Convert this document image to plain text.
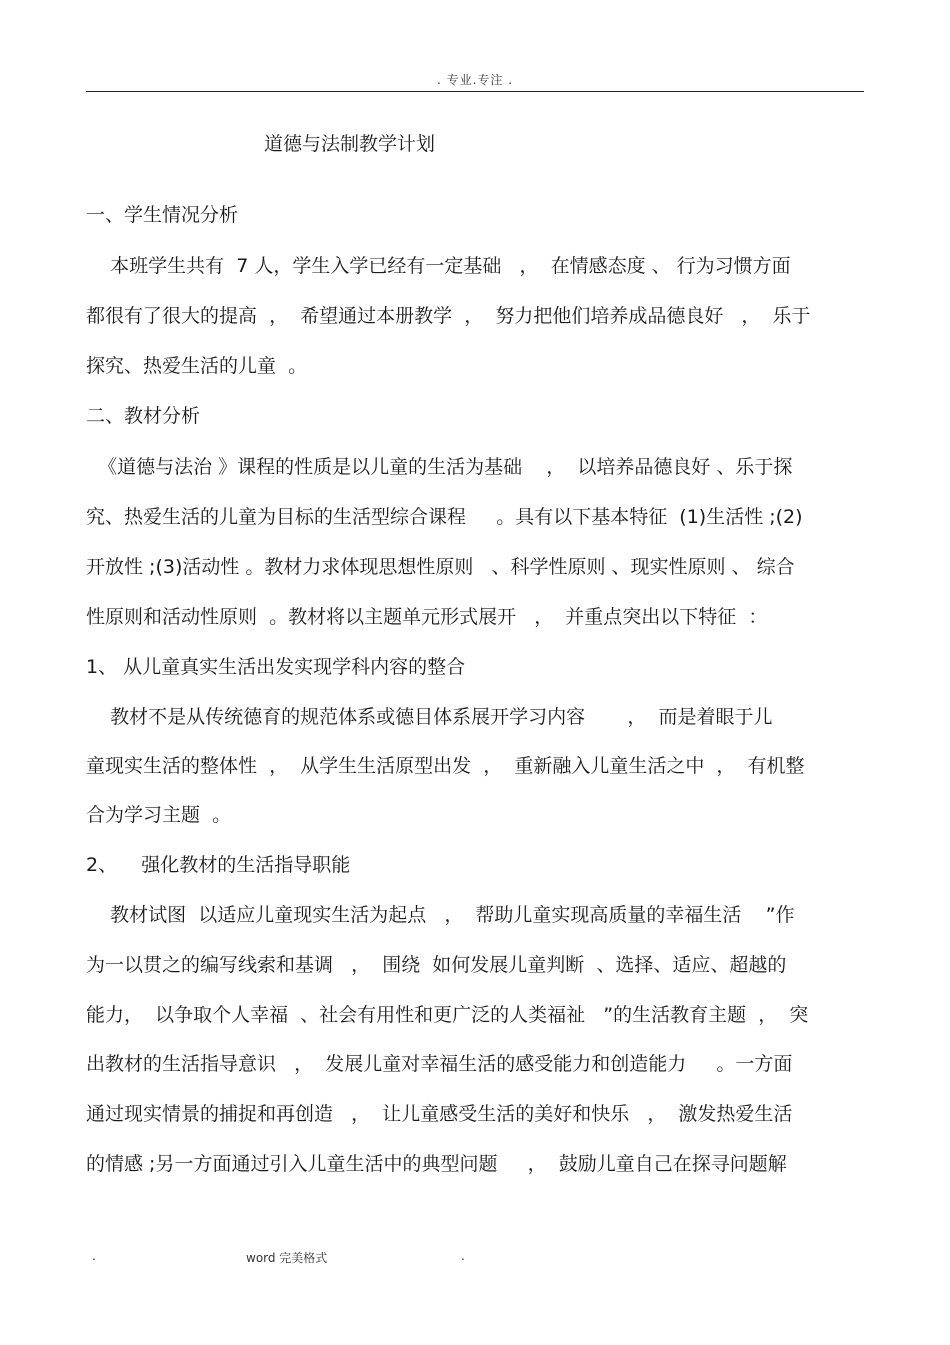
. 专业.专注 .
道德与法制教学计划
一、学生情况分析
本班学生共有  7 人，学生入学已经有一定基础   ，  在情感态度 、 行为习惯方面
都很有了很大的提高  ，  希望通过本册教学  ，  努力把他们培养成品德良好   ，  乐于
探究、热爱生活的儿童  。
二、教材分析
《道德与法治 》课程的性质是以儿童的生活为基础    ，  以培养品德良好 、乐于探
究、热爱生活的儿童为目标的生活型综合课程     。具有以下基本特征  (1)生活性 ;(2)
开放性 ;(3)活动性 。教材力求体现思想性原则   、科学性原则 、现实性原则 、 综合
性原则和活动性原则  。教材将以主题单元形式展开   ，  并重点突出以下特征  ：
1、 从儿童真实生活出发实现学科内容的整合
教材不是从传统德育的规范体系或德目体系展开学习内容       ，  而是着眼于儿
童现实生活的整体性  ，  从学生生活原型出发  ，  重新融入儿童生活之中  ，  有机整
合为学习主题  。
2、    强化教材的生活指导职能
教材试图  以适应儿童现实生活为起点   ，  帮助儿童实现高质量的幸福生活    ”作
为一以贯之的编写线索和基调   ，  围绕  如何发展儿童判断  、选择、适应、超越的
能力，  以争取个人幸福  、社会有用性和更广泛的人类福祉   ”的生活教育主题  ，  突
出教材的生活指导意识   ，  发展儿童对幸福生活的感受能力和创造能力     。一方面
通过现实情景的捕捉和再创造   ，  让儿童感受生活的美好和快乐   ，  激发热爱生活
的情感 ;另一方面通过引入儿童生活中的典型问题     ，  鼓励儿童自己在探寻问题解
.	word 完美格式	.
